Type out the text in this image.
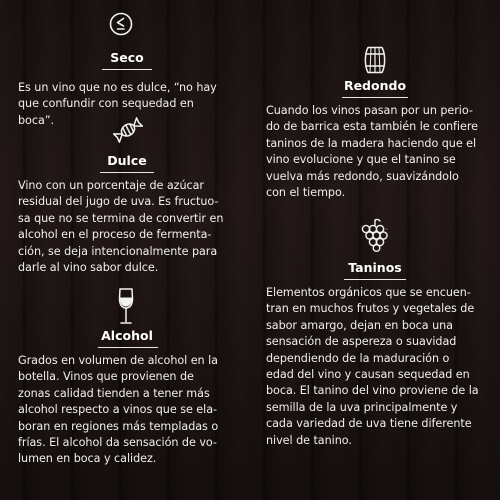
Seco

Es un vino que no es dulce, “no hay
que confundir con sequedad en
boca”.

Dulce

Vino con un porcentaje de azúcar
residual del jugo de uva. Es fructuo-
sa que no se termina de convertir en
alcohol en el proceso de fermenta-
ción, se deja intencionalmente para
darle al vino sabor dulce.

Alcohol

Grados en volumen de alcohol en la
botella. Vinos que provienen de
zonas calidad tienden a tener más
alcohol respecto a vinos que se ela-
boran en regiones más templadas o
frías. El alcohol da sensación de vo-
lumen en boca y calidez.

Redondo

Cuando los vinos pasan por un perio-
do de barrica esta también le confiere
taninos de la madera haciendo que el
vino evolucione y que el tanino se
vuelva más redondo, suavizándolo
con el tiempo.

Taninos

Elementos orgánicos que se encuen-
tran en muchos frutos y vegetales de
sabor amargo, dejan en boca una
sensación de aspereza o suavidad
dependiendo de la maduración o
edad del vino y causan sequedad en
boca. El tanino del vino proviene de la
semilla de la uva principalmente y
cada variedad de uva tiene diferente
nivel de tanino.
